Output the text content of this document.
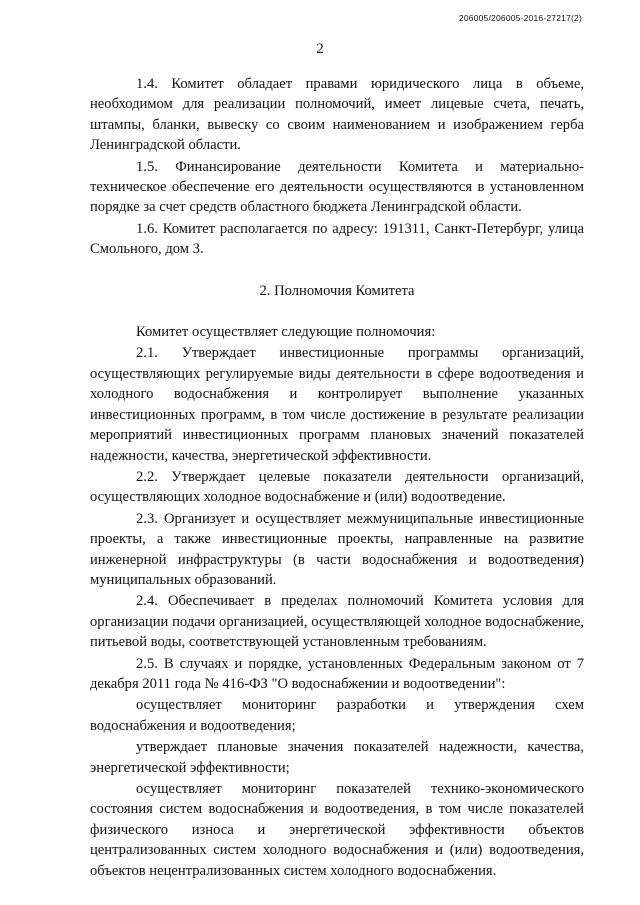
206005/206005-2016-27217(2)
2

1.4. Комитет обладает правами юридического лица в объеме, необходимом для реализации полномочий, имеет лицевые счета, печать, штампы, бланки, вывеску со своим наименованием и изображением герба Ленинградской области.

1.5. Финансирование деятельности Комитета и материально-техническое обеспечение его деятельности осуществляются в установленном порядке за счет средств областного бюджета Ленинградской области.

1.6. Комитет располагается по адресу: 191311, Санкт-Петербург, улица Смольного, дом 3.

2. Полномочия Комитета

Комитет осуществляет следующие полномочия:

2.1. Утверждает инвестиционные программы организаций, осуществляющих регулируемые виды деятельности в сфере водоотведения и холодного водоснабжения и контролирует выполнение указанных инвестиционных программ, в том числе достижение в результате реализации мероприятий инвестиционных программ плановых значений показателей надежности, качества, энергетической эффективности.

2.2. Утверждает целевые показатели деятельности организаций, осуществляющих холодное водоснабжение и (или) водоотведение.

2.3. Организует и осуществляет межмуниципальные инвестиционные проекты, а также инвестиционные проекты, направленные на развитие инженерной инфраструктуры (в части водоснабжения и водоотведения) муниципальных образований.

2.4. Обеспечивает в пределах полномочий Комитета условия для организации подачи организацией, осуществляющей холодное водоснабжение, питьевой воды, соответствующей установленным требованиям.

2.5. В случаях и порядке, установленных Федеральным законом от 7 декабря 2011 года № 416-ФЗ "О водоснабжении и водоотведении":

осуществляет мониторинг разработки и утверждения схем водоснабжения и водоотведения;

утверждает плановые значения показателей надежности, качества, энергетической эффективности;

осуществляет мониторинг показателей технико-экономического состояния систем водоснабжения и водоотведения, в том числе показателей физического износа и энергетической эффективности объектов централизованных систем холодного водоснабжения и (или) водоотведения, объектов нецентрализованных систем холодного водоснабжения.
